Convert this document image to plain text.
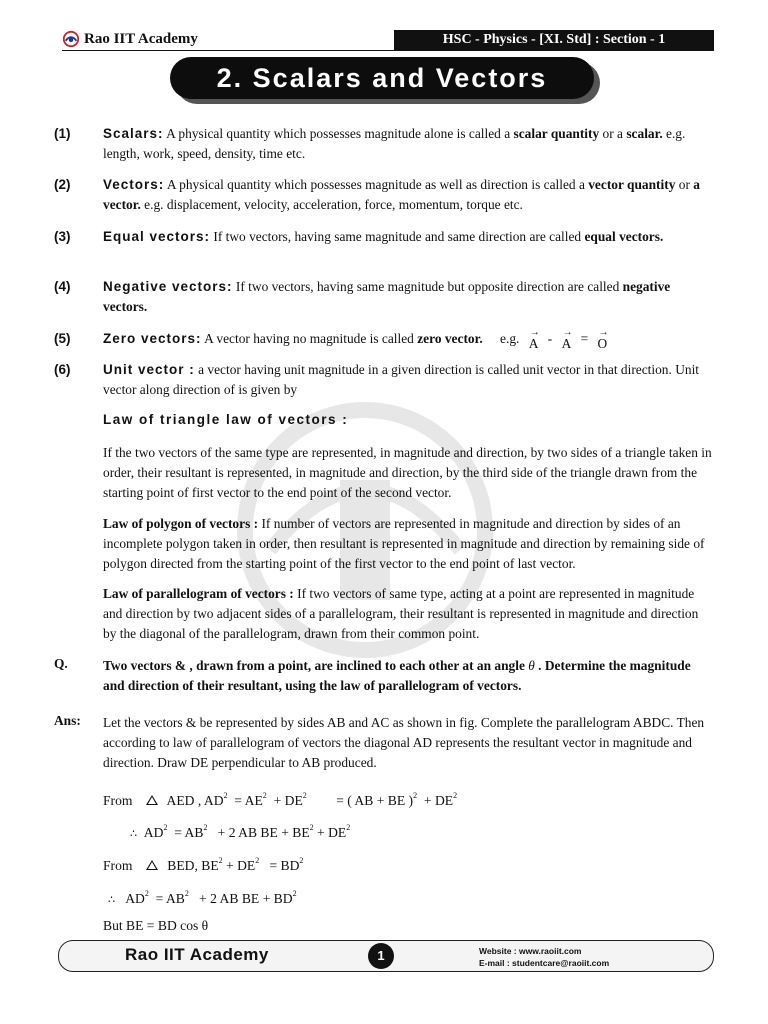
Rao IIT Academy	HSC - Physics - [XI. Std] : Section - 1
2. Scalars and Vectors
(1) Scalars: A physical quantity which possesses magnitude alone is called a scalar quantity or a scalar. e.g. length, work, speed, density, time etc.
(2) Vectors: A physical quantity which possesses magnitude as well as direction is called a vector quantity or a vector. e.g. displacement, velocity, acceleration, force, momentum, torque etc.
(3) Equal vectors: If two vectors, having same magnitude and same direction are called equal vectors.
(4) Negative vectors: If two vectors, having same magnitude but opposite direction are called negative vectors.
(5) Zero vectors: A vector having no magnitude is called zero vector. e.g. → A - → A = → O
(6) Unit vector : a vector having unit magnitude in a given direction is called unit vector in that direction. Unit vector along direction of is given by
Law of triangle law of vectors :
If the two vectors of the same type are represented, in magnitude and direction, by two sides of a triangle taken in order, their resultant is represented, in magnitude and direction, by the third side of the triangle drawn from the starting point of first vector to the end point of the second vector.
Law of polygon of vectors : If number of vectors are represented in magnitude and direction by sides of an incomplete polygon taken in order, then resultant is represented in magnitude and direction by remaining side of polygon directed from the starting point of the first vector to the end point of last vector.
Law of parallelogram of vectors : If two vectors of same type, acting at a point are represented in magnitude and direction by two adjacent sides of a parallelogram, their resultant is represented in magnitude and direction by the diagonal of the parallelogram, drawn from their common point.
Q.	Two vectors & , drawn from a point, are inclined to each other at an angle θ . Determine the magnitude and direction of their resultant, using the law of parallelogram of vectors.
Ans: Let the vectors & be represented by sides AB and AC as shown in fig. Complete the parallelogram ABDC. Then according to law of parallelogram of vectors the diagonal AD represents the resultant vector in magnitude and direction. Draw DE perpendicular to AB produced.
From	AED , $AD^2 = AE^2 + DE^2$ = ( AB + BE )$^2 + DE^2$
∴ $AD^2 = AB^2 + 2$ AB BE + $BE^2 + DE^2$
From	BED, $BE^2 + DE^2 = BD^2$
∴ $AD^2 = AB^2 + 2$ AB BE + $BD^2$
But BE = BD cos θ
Rao IIT Academy	1	Website : www.raoiit.com
E-mail : studentcare@raoiit.com
